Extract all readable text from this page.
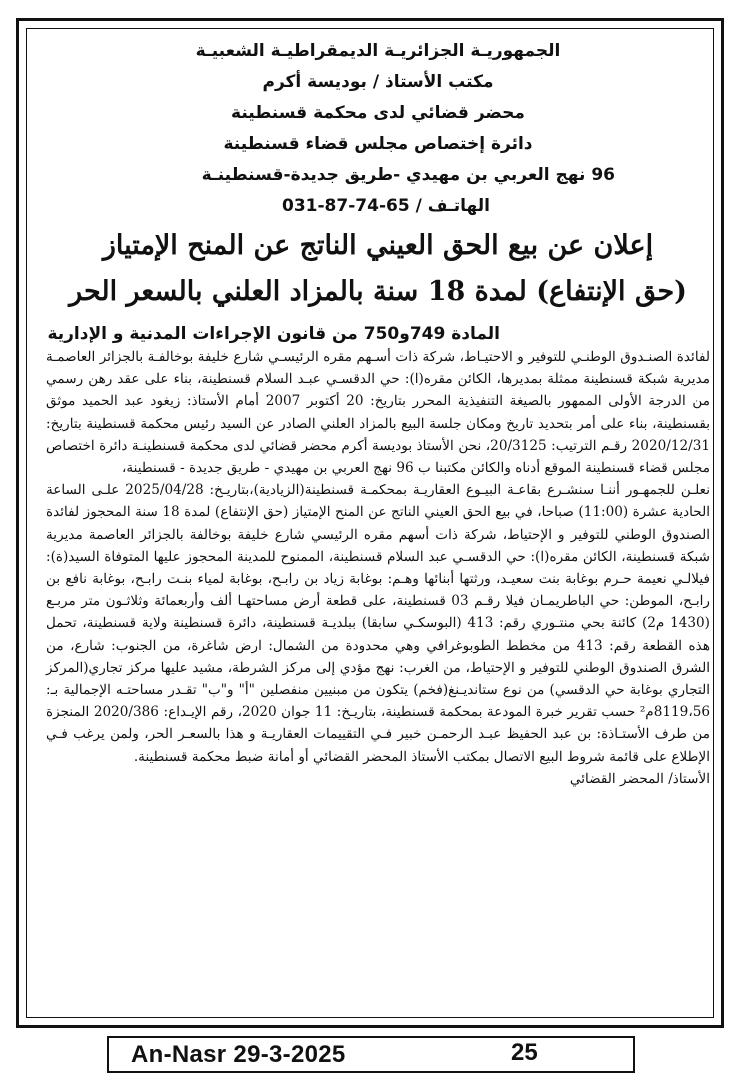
الجمهوريـة الجزائريـة الديمقراطيـة الشعبيـة
مكتب الأستاذ / بوديسة أكرم
محضر قضائي لدى محكمة قسنطينة
دائرة إختصاص مجلس قضاء قسنطينة
96 نهج العربي بن مهيدي -طريق جديدة-قسنطينـة
الهاتـف / 65-74-87-031
إعلان عن بيع الحق العيني الناتج عن المنح الإمتياز
(حق الإنتفاع) لمدة 18 سنة بالمزاد العلني بالسعر الحر
المادة 749و750 من قانون الإجراءات المدنية و الإدارية

لفائدة الصنـدوق الوطنـي للتوفير و الاحتيـاط، شركة ذات أسـهم مقره الرئيسـي شارع خليفة بوخالفـة بالجزائر العاصمـة مديرية شبكة قسنطينة ممثلة بمديرها، الكائن مقره(ا): حي الدقسـي عبـد السلام قسنطينة، بناء على عقد رهن رسمي من الدرجة الأولى الممهور بالصيغة التنفيذية المحرر بتاريخ: 20 أكتوبر 2007 أمام الأستاذ: زيغود عبد الحميد موثق بقسنطينة، بناء على أمر بتحديد تاريخ ومكان جلسة البيع بالمزاد العلني الصادر عن السيد رئيس محكمة قسنطينة بتاريخ: 2020/12/31 رقـم الترتيب: 20/3125، نحن الأستاذ بوديسة أكرم محضر قضائي لدى محكمة قسنطينـة دائرة اختصاص مجلس قضاء قسنطينة الموقع أدناه والكائن مكتبنا ب 96 نهج العربي بن مهيدي - طريق جديدة - قسنطينة،

نعلـن للجمهـور أننـا سنشـرع بقاعـة البيـوع العقاريـة بمحكمـة قسنطينة(الزيادية)،بتاريـخ: 2025/04/28 علـى الساعة الحادية عشرة (11:00) صباحا، في بيع الحق العيني الناتج عن المنح الإمتياز (حق الإنتفاع) لمدة 18 سنة المحجوز لفائدة الصندوق الوطني للتوفير و الإحتياط، شركة ذات أسهم مقره الرئيسي شارع خليفة بوخالفة بالجزائر العاصمة مديرية شبكة قسنطينة، الكائن مقره(ا): حي الدقسـي عبد السلام قسنطينة، الممنوح للمدينة المحجوز عليها المتوفاة السيد(ة): فيلالـي نعيمة حـرم بوغابة بنت سعيـد، ورثتها أبنائها وهـم: بوغابة زياد بن رابـح، بوغابة لمياء بنـت رابـح، بوغابة نافع بن رابـح، الموطن: حي الباطريمـان فيلا رقـم 03 قسنطينة، على قطعة أرض مساحتهـا ألف وأربعمائة وثلاثـون متر مربـع (1430 م2) كائنة بحي منتـوري رقم: 413 (البوسكـي سابقا) ببلديـة قسنطينة، دائرة قسنطينة ولاية قسنطينة، تحمل هذه القطعة رقم: 413 من مخطط الطوبوغرافي وهي محدودة من الشمال: ارض شاغرة، من الجنوب: شارع، من الشرق الصندوق الوطني للتوفير و الإحتياط، من الغرب: نهج مؤدي إلى مركز الشرطة، مشيد عليها مركز تجاري(المركز التجاري بوغابة حي الدقسي) من نوع ستانديـنغ(فخم) يتكون من مبنيين منفصلين "أ" و"ب" تقـدر مساحتـه الإجمالية بـ: 8119،56م² حسب تقرير خبرة المودعة بمحكمة قسنطينة، بتاريـخ: 11 جوان 2020، رقم الإيـداع: 2020/386 المنجزة من طرف الأستـاذة: بن عبد الحفيظ عبـد الرحمـن خبير فـي التقييمات العقاريـة و هذا بالسعـر الحر، ولمن يرغب فـي الإطلاع على قائمة شروط البيع الاتصال بمكتب الأستاذ المحضر القضائي أو أمانة ضبط محكمة قسنطينة.

الأستاذ/ المحضر القضائي

An-Nasr 29-3-2025	25
